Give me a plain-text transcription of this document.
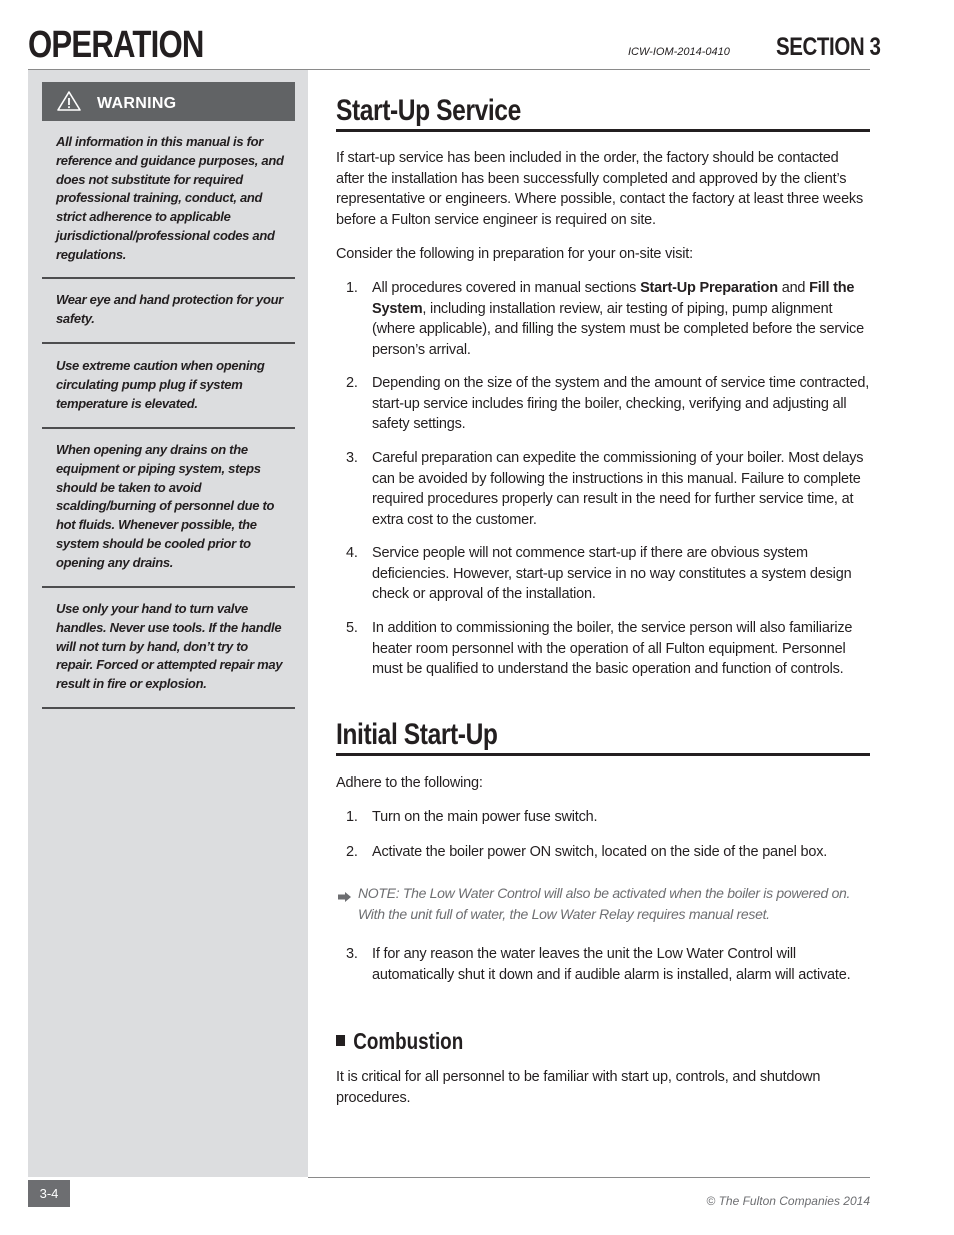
OPERATION	ICW-IOM-2014-0410 SECTION 3
WARNING
All information in this manual is for reference and guidance purposes, and does not substitute for required professional training, conduct, and strict adherence to applicable jurisdictional/professional codes and regulations.
Wear eye and hand protection for your safety.
Use extreme caution when opening circulating pump plug if system temperature is elevated.
When opening any drains on the equipment or piping system, steps should be taken to avoid scalding/burning of personnel due to hot fluids. Whenever possible, the system should be cooled prior to opening any drains.
Use only your hand to turn valve handles. Never use tools. If the handle will not turn by hand, don’t try to repair. Forced or attempted repair may result in fire or explosion.
Start-Up Service
If start-up service has been included in the order, the factory should be contacted after the installation has been successfully completed and approved by the client’s representative or engineers. Where possible, contact the factory at least three weeks before a Fulton service engineer is required on site.
Consider the following in preparation for your on-site visit:
1. All procedures covered in manual sections Start-Up Preparation and Fill the System, including installation review, air testing of piping, pump alignment (where applicable), and filling the system must be completed before the service person’s arrival.
2. Depending on the size of the system and the amount of service time contracted, start-up service includes firing the boiler, checking, verifying and adjusting all safety settings.
3. Careful preparation can expedite the commissioning of your boiler. Most delays can be avoided by following the instructions in this manual. Failure to complete required procedures properly can result in the need for further service time, at extra cost to the customer.
4. Service people will not commence start-up if there are obvious system deficiencies. However, start-up service in no way constitutes a system design check or approval of the installation.
5. In addition to commissioning the boiler, the service person will also familiarize heater room personnel with the operation of all Fulton equipment. Personnel must be qualified to understand the basic operation and function of controls.
Initial Start-Up
Adhere to the following:
1. Turn on the main power fuse switch.
2. Activate the boiler power ON switch, located on the side of the panel box.
NOTE: The Low Water Control will also be activated when the boiler is powered on. With the unit full of water, the Low Water Relay requires manual reset.
3. If for any reason the water leaves the unit the Low Water Control will automatically shut it down and if audible alarm is installed, alarm will activate.
Combustion
It is critical for all personnel to be familiar with start up, controls, and shutdown procedures.
3-4	© The Fulton Companies 2014
